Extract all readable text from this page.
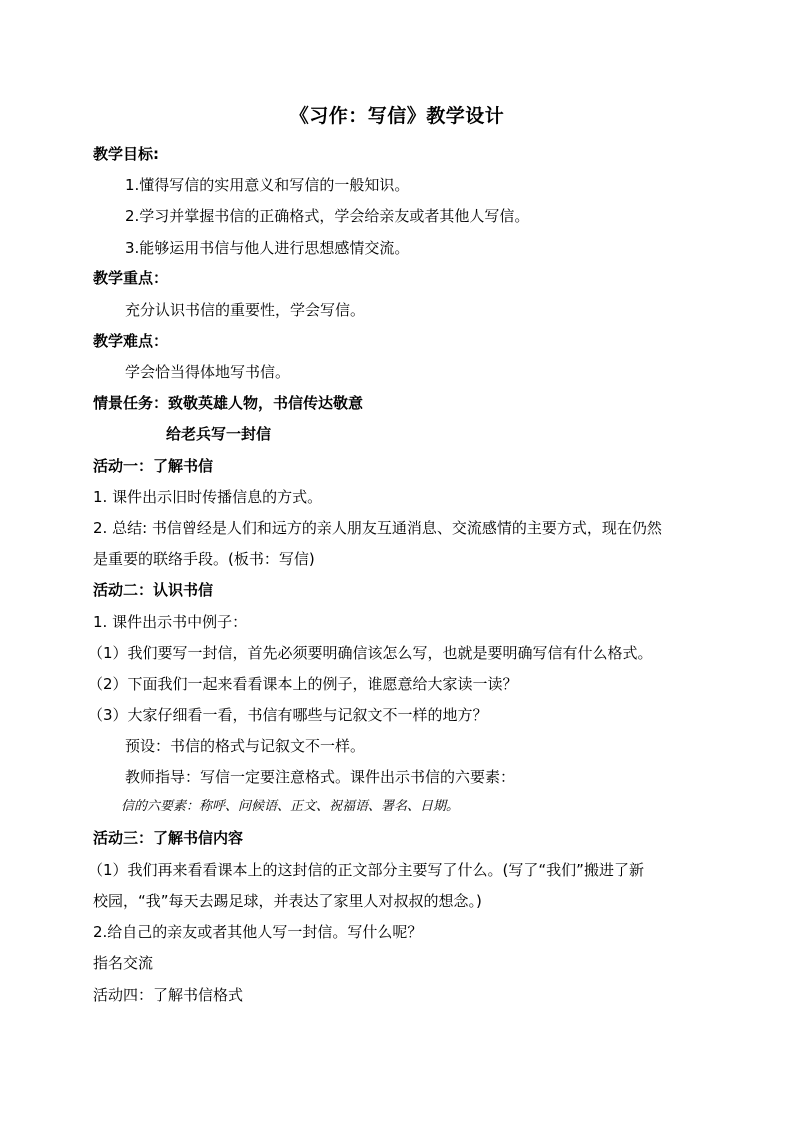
《习作：写信》教学设计
教学目标:
1.懂得写信的实用意义和写信的一般知识。
2.学习并掌握书信的正确格式，学会给亲友或者其他人写信。
3.能够运用书信与他人进行思想感情交流。
教学重点：
充分认识书信的重要性，学会写信。
教学难点：
学会恰当得体地写书信。
情景任务：致敬英雄人物，书信传达敬意
给老兵写一封信
活动一：了解书信
1. 课件出示旧时传播信息的方式。
2. 总结: 书信曾经是人们和远方的亲人朋友互通消息、交流感情的主要方式，现在仍然
是重要的联络手段。(板书：写信)
活动二：认识书信
1. 课件出示书中例子：
（1）我们要写一封信，首先必须要明确信该怎么写，也就是要明确写信有什么格式。
（2）下面我们一起来看看课本上的例子，谁愿意给大家读一读？
（3）大家仔细看一看，书信有哪些与记叙文不一样的地方？
预设：书信的格式与记叙文不一样。
教师指导：写信一定要注意格式。课件出示书信的六要素：
信的六要素：称呼、问候语、正文、祝福语、署名、日期。
活动三：了解书信内容
（1）我们再来看看课本上的这封信的正文部分主要写了什么。(写了“我们”搬进了新
校园，“我”每天去踢足球，并表达了家里人对叔叔的想念。)
2.给自己的亲友或者其他人写一封信。写什么呢？
指名交流
活动四：了解书信格式
